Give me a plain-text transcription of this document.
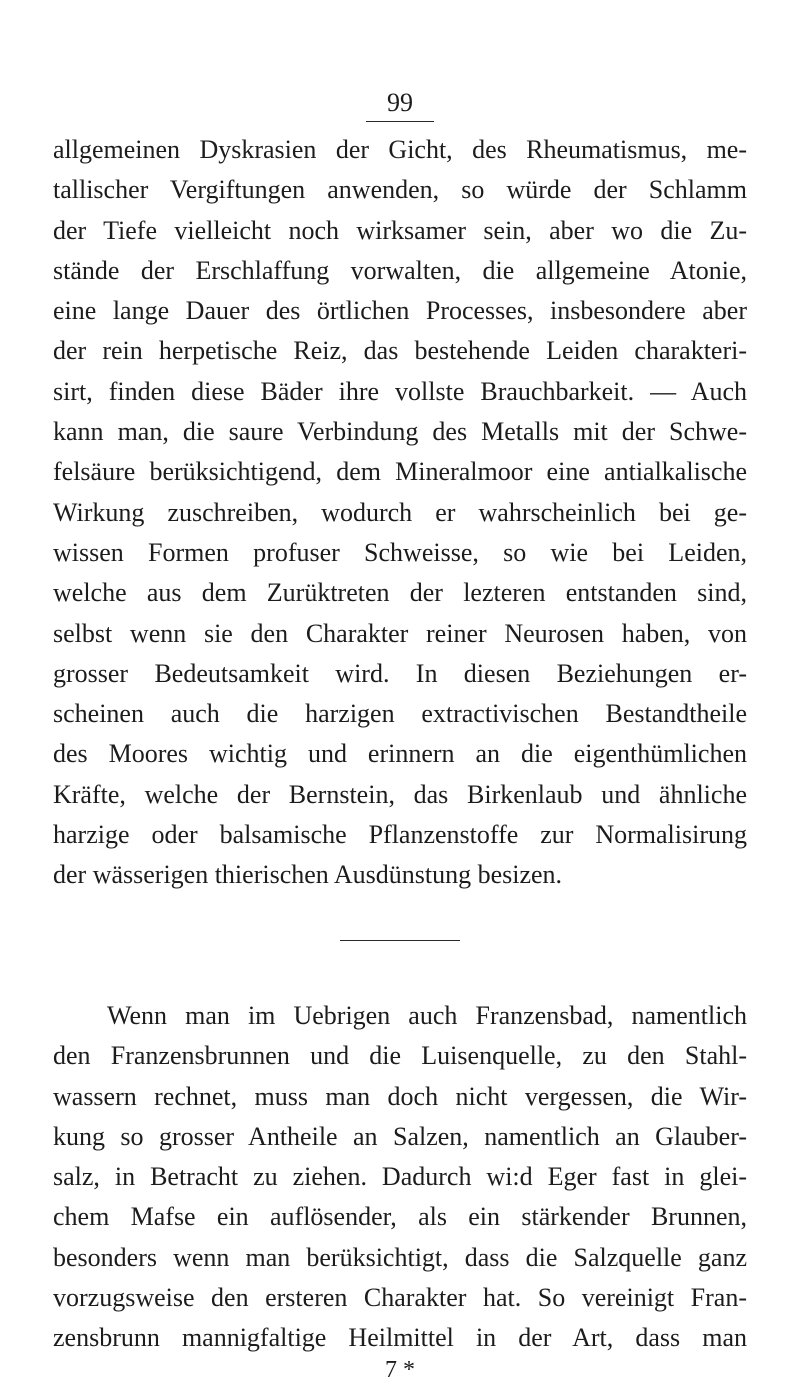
99
allgemeinen Dyskrasien der Gicht, des Rheumatismus, me-
tallischer Vergiftungen anwenden, so würde der Schlamm
der Tiefe vielleicht noch wirksamer sein, aber wo die Zu-
stände der Erschlaffung vorwalten, die allgemeine Atonie,
eine lange Dauer des örtlichen Processes, insbesondere aber
der rein herpetische Reiz, das bestehende Leiden charakteri-
sirt, finden diese Bäder ihre vollste Brauchbarkeit. — Auch
kann man, die saure Verbindung des Metalls mit der Schwe-
felsäure berüksichtigend, dem Mineralmoor eine antialkalische
Wirkung zuschreiben, wodurch er wahrscheinlich bei ge-
wissen Formen profuser Schweisse, so wie bei Leiden,
welche aus dem Zurüktreten der lezteren entstanden sind,
selbst wenn sie den Charakter reiner Neurosen haben, von
grosser Bedeutsamkeit wird. In diesen Beziehungen er-
scheinen auch die harzigen extractivischen Bestandtheile
des Moores wichtig und erinnern an die eigenthümlichen
Kräfte, welche der Bernstein, das Birkenlaub und ähnliche
harzige oder balsamische Pflanzenstoffe zur Normalisirung
der wässerigen thierischen Ausdünstung besizen.
Wenn man im Uebrigen auch Franzensbad, namentlich
den Franzensbrunnen und die Luisenquelle, zu den Stahl-
wassern rechnet, muss man doch nicht vergessen, die Wir-
kung so grosser Antheile an Salzen, namentlich an Glauber-
salz, in Betracht zu ziehen. Dadurch wi:d Eger fast in glei-
chem Mafse ein auflösender, als ein stärkender Brunnen,
besonders wenn man berüksichtigt, dass die Salzquelle ganz
vorzugsweise den ersteren Charakter hat. So vereinigt Fran-
zensbrunn mannigfaltige Heilmittel in der Art, dass man
7 *
